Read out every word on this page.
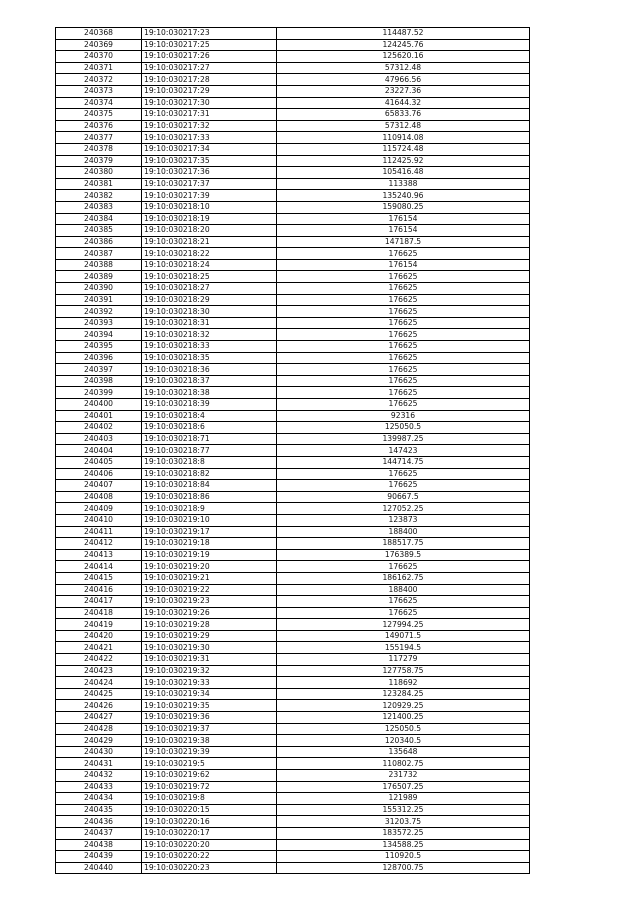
240368	19:10:030217:23	114487.52
240369	19:10:030217:25	124245.76
240370	19:10:030217:26	125620.16
240371	19:10:030217:27	57312.48
240372	19:10:030217:28	47966.56
240373	19:10:030217:29	23227.36
240374	19:10:030217:30	41644.32
240375	19:10:030217:31	65833.76
240376	19:10:030217:32	57312.48
240377	19:10:030217:33	110914.08
240378	19:10:030217:34	115724.48
240379	19:10:030217:35	112425.92
240380	19:10:030217:36	105416.48
240381	19:10:030217:37	113388
240382	19:10:030217:39	135240.96
240383	19:10:030218:10	159080.25
240384	19:10:030218:19	176154
240385	19:10:030218:20	176154
240386	19:10:030218:21	147187.5
240387	19:10:030218:22	176625
240388	19:10:030218:24	176154
240389	19:10:030218:25	176625
240390	19:10:030218:27	176625
240391	19:10:030218:29	176625
240392	19:10:030218:30	176625
240393	19:10:030218:31	176625
240394	19:10:030218:32	176625
240395	19:10:030218:33	176625
240396	19:10:030218:35	176625
240397	19:10:030218:36	176625
240398	19:10:030218:37	176625
240399	19:10:030218:38	176625
240400	19:10:030218:39	176625
240401	19:10:030218:4	92316
240402	19:10:030218:6	125050.5
240403	19:10:030218:71	139987.25
240404	19:10:030218:77	147423
240405	19:10:030218:8	144714.75
240406	19:10:030218:82	176625
240407	19:10:030218:84	176625
240408	19:10:030218:86	90667.5
240409	19:10:030218:9	127052.25
240410	19:10:030219:10	123873
240411	19:10:030219:17	188400
240412	19:10:030219:18	188517.75
240413	19:10:030219:19	176389.5
240414	19:10:030219:20	176625
240415	19:10:030219:21	186162.75
240416	19:10:030219:22	188400
240417	19:10:030219:23	176625
240418	19:10:030219:26	176625
240419	19:10:030219:28	127994.25
240420	19:10:030219:29	149071.5
240421	19:10:030219:30	155194.5
240422	19:10:030219:31	117279
240423	19:10:030219:32	127758.75
240424	19:10:030219:33	118692
240425	19:10:030219:34	123284.25
240426	19:10:030219:35	120929.25
240427	19:10:030219:36	121400.25
240428	19:10:030219:37	125050.5
240429	19:10:030219:38	120340.5
240430	19:10:030219:39	135648
240431	19:10:030219:5	110802.75
240432	19:10:030219:62	231732
240433	19:10:030219:72	176507.25
240434	19:10:030219:8	121989
240435	19:10:030220:15	155312.25
240436	19:10:030220:16	31203.75
240437	19:10:030220:17	183572.25
240438	19:10:030220:20	134588.25
240439	19:10:030220:22	110920.5
240440	19:10:030220:23	128700.75
